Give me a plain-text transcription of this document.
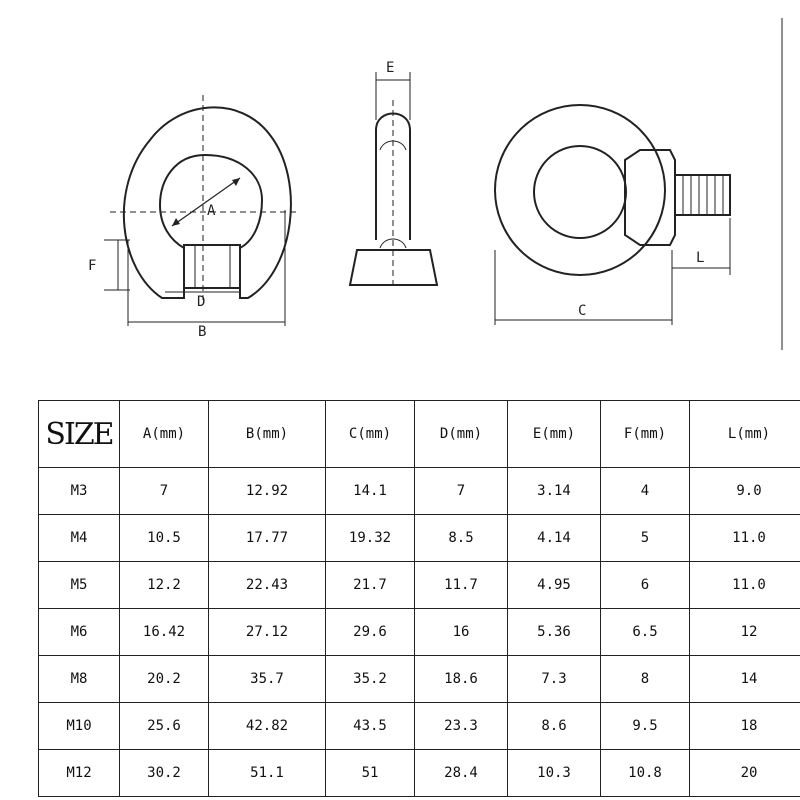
A
F
D
B
E
L
C
SIZE	A(mm)	B(mm)	C(mm)	D(mm)	E(mm)	F(mm)	L(mm)
M3	7	12.92	14.1	7	3.14	4	9.0
M4	10.5	17.77	19.32	8.5	4.14	5	11.0
M5	12.2	22.43	21.7	11.7	4.95	6	11.0
M6	16.42	27.12	29.6	16	5.36	6.5	12
M8	20.2	35.7	35.2	18.6	7.3	8	14
M10	25.6	42.82	43.5	23.3	8.6	9.5	18
M12	30.2	51.1	51	28.4	10.3	10.8	20
